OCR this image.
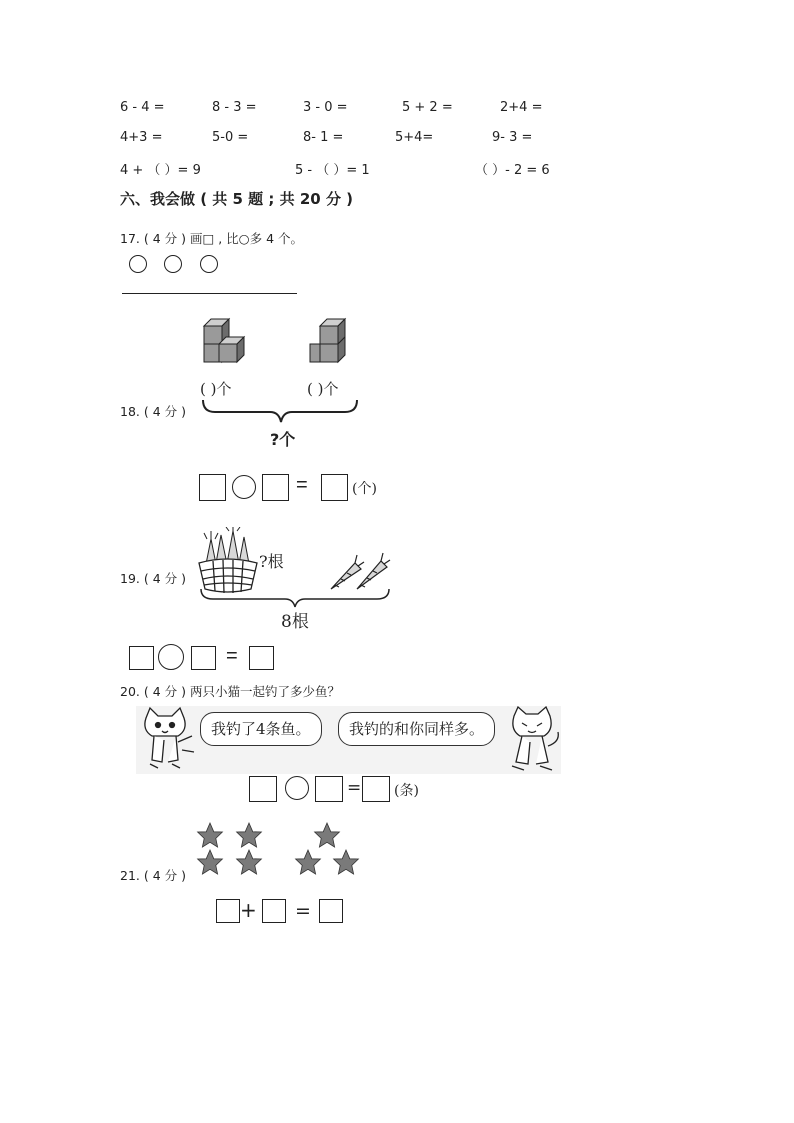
6 - 4 =	8 - 3 =	3 - 0 =	5 + 2 =	2+4 =
4+3 =	5-0 =	8- 1 =	5+4=	9- 3 =
4 + （ ）= 9	5 - （ ）= 1	（ ）- 2 = 6
六、我会做 ( 共 5 题 ; 共 20 分 )
17. ( 4 分 ) 画□ , 比○多 4 个。
18. ( 4 分 )
( )个	( )个
?个
=	(个)
19. ( 4 分 )
?根
8根
=
20. ( 4 分 ) 两只小猫一起钓了多少鱼？
我钓了4条鱼。	我钓的和你同样多。
= (条)
21. ( 4 分 )
+ =
